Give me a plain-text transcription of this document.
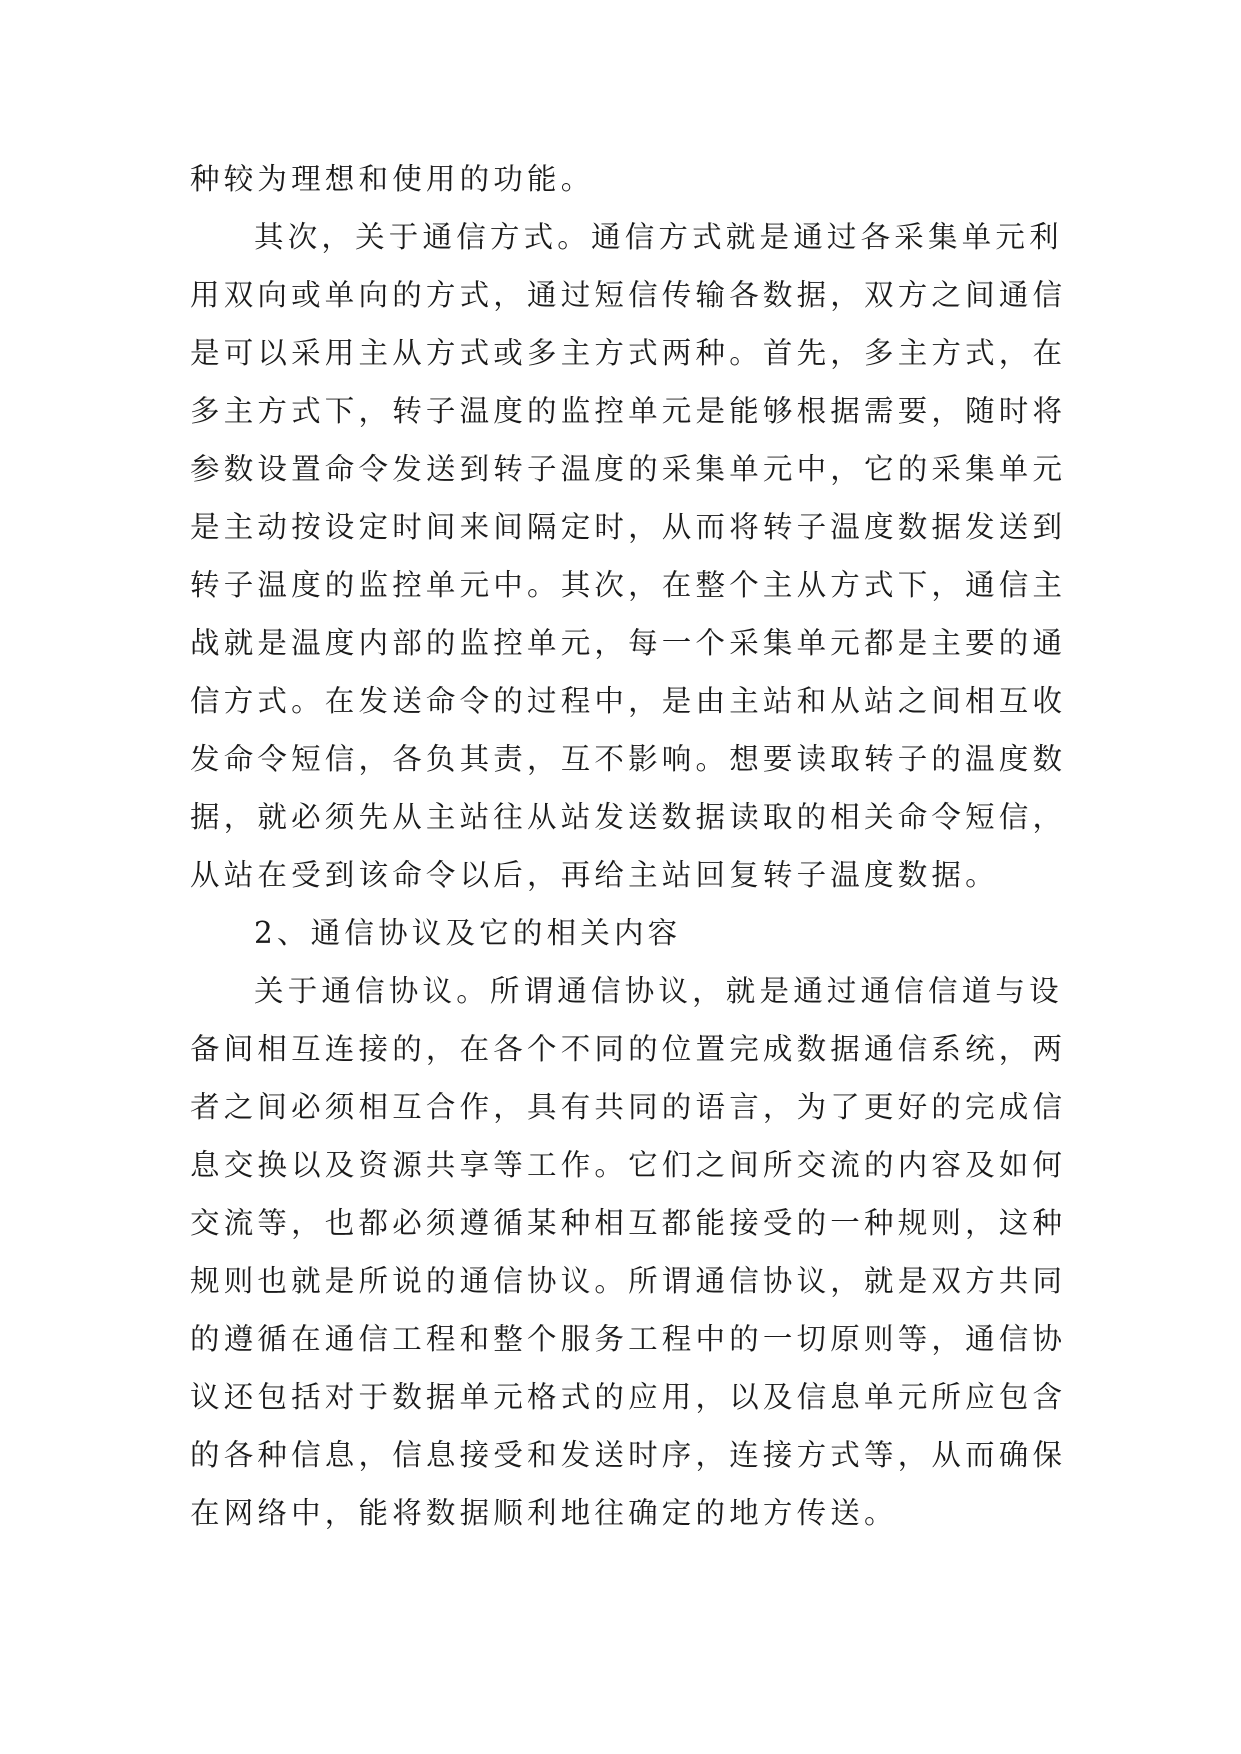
种较为理想和使用的功能。
其次，关于通信方式。通信方式就是通过各采集单元利
用双向或单向的方式，通过短信传输各数据，双方之间通信
是可以采用主从方式或多主方式两种。首先，多主方式，在
多主方式下，转子温度的监控单元是能够根据需要，随时将
参数设置命令发送到转子温度的采集单元中，它的采集单元
是主动按设定时间来间隔定时，从而将转子温度数据发送到
转子温度的监控单元中。其次，在整个主从方式下，通信主
战就是温度内部的监控单元，每一个采集单元都是主要的通
信方式。在发送命令的过程中，是由主站和从站之间相互收
发命令短信，各负其责，互不影响。想要读取转子的温度数
据，就必须先从主站往从站发送数据读取的相关命令短信，
从站在受到该命令以后，再给主站回复转子温度数据。
2、通信协议及它的相关内容
关于通信协议。所谓通信协议，就是通过通信信道与设
备间相互连接的，在各个不同的位置完成数据通信系统，两
者之间必须相互合作，具有共同的语言，为了更好的完成信
息交换以及资源共享等工作。它们之间所交流的内容及如何
交流等，也都必须遵循某种相互都能接受的一种规则，这种
规则也就是所说的通信协议。所谓通信协议，就是双方共同
的遵循在通信工程和整个服务工程中的一切原则等，通信协
议还包括对于数据单元格式的应用，以及信息单元所应包含
的各种信息，信息接受和发送时序，连接方式等，从而确保
在网络中，能将数据顺利地往确定的地方传送。
